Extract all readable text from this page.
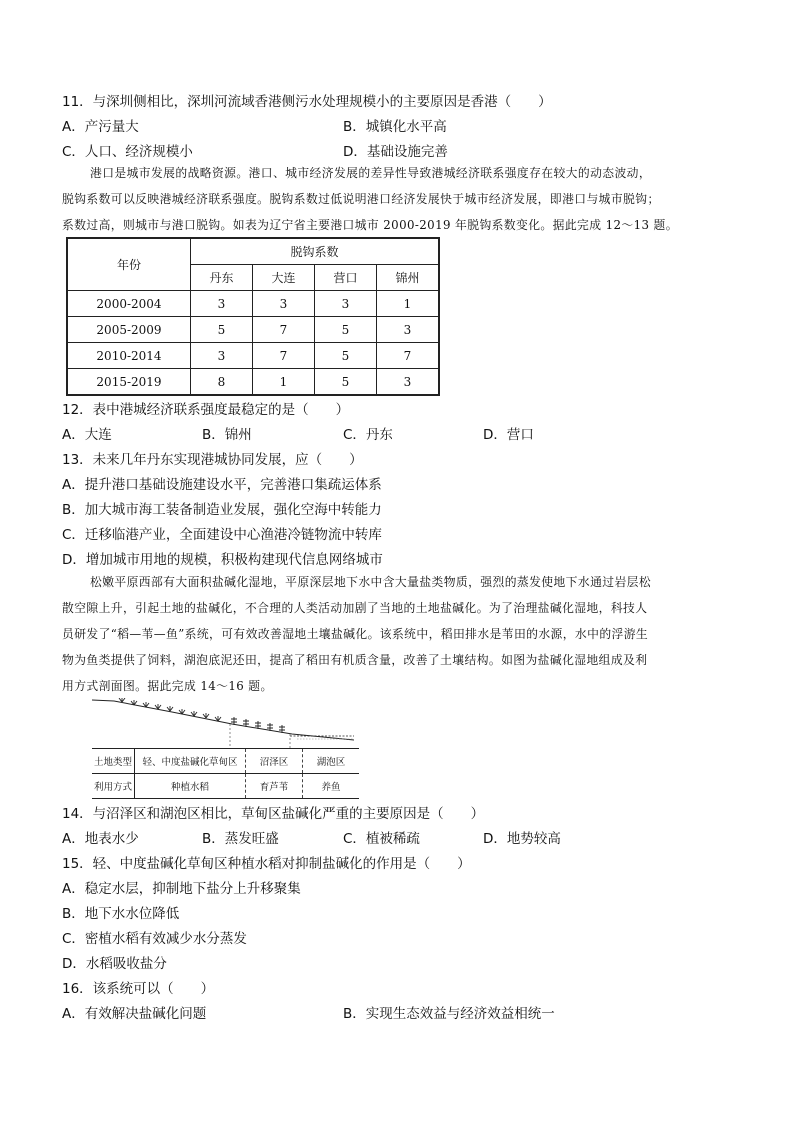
11．与深圳侧相比，深圳河流域香港侧污水处理规模小的主要原因是香港（　　）
A．产污量大	B．城镇化水平高
C．人口、经济规模小	D．基础设施完善

港口是城市发展的战略资源。港口、城市经济发展的差异性导致港城经济联系强度存在较大的动态波动，

脱钩系数可以反映港城经济联系强度。脱钩系数过低说明港口经济发展快于城市经济发展，即港口与城市脱钩；

系数过高，则城市与港口脱钩。如表为辽宁省主要港口城市 2000-2019 年脱钩系数变化。据此完成 12～13 题。

年份	脱钩系数			
	丹东	大连	营口	锦州
2000-2004	3	3	3	1
2005-2009	5	7	5	3
2010-2014	3	7	5	7
2015-2019	8	1	5	3
12．表中港城经济联系强度最稳定的是（　　）
A．大连	B．锦州	C．丹东	D．营口
13．未来几年丹东实现港城协同发展，应（　　）
A．提升港口基础设施建设水平，完善港口集疏运体系
B．加大城市海工装备制造业发展，强化空海中转能力
C．迁移临港产业，全面建设中心渔港冷链物流中转库
D．增加城市用地的规模，积极构建现代信息网络城市

松嫩平原西部有大面积盐碱化湿地，平原深层地下水中含大量盐类物质，强烈的蒸发使地下水通过岩层松

散空隙上升，引起土地的盐碱化，不合理的人类活动加剧了当地的土地盐碱化。为了治理盐碱化湿地，科技人

员研发了“稻—苇—鱼”系统，可有效改善湿地土壤盐碱化。该系统中，稻田排水是苇田的水源，水中的浮游生

物为鱼类提供了饲料，湖泡底泥还田，提高了稻田有机质含量，改善了土壤结构。如图为盐碱化湿地组成及利

用方式剖面图。据此完成 14～16 题。

土地类型	轻、中度盐碱化草甸区	沼泽区	湖泡区
利用方式	种植水稻	育芦苇	养鱼
14．与沼泽区和湖泡区相比，草甸区盐碱化严重的主要原因是（　　）
A．地表水少	B．蒸发旺盛	C．植被稀疏	D．地势较高
15．轻、中度盐碱化草甸区种植水稻对抑制盐碱化的作用是（　　）
A．稳定水层，抑制地下盐分上升移聚集
B．地下水水位降低
C．密植水稻有效减少水分蒸发
D．水稻吸收盐分
16．该系统可以（　　）
A．有效解决盐碱化问题	B．实现生态效益与经济效益相统一
